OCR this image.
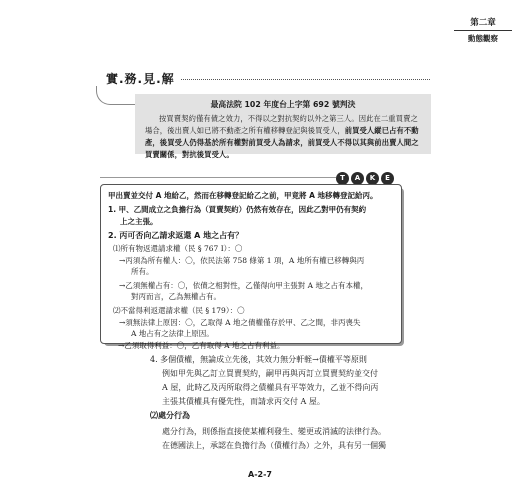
第二章
動態觀察
實.務.見.解
最高法院 102 年度台上字第 692 號判決
按買賣契約僅有債之效力，不得以之對抗契約以外之第三人。因此在二重買賣之場合，後出賣人如已將不動產之所有權移轉登記與後買受人，前買受人縱已占有不動產，後買受人仍得基於所有權對前買受人為請求，前買受人不得以其與前出賣人間之買賣關係，對抗後買受人。
T	A	K	E
甲出賣並交付 A 地給乙，然而在移轉登記給乙之前，甲竟將 A 地移轉登記給丙。
1. 甲、乙間成立之負擔行為（買賣契約）仍然有效存在，因此乙對甲仍有契約
上之主張。
2. 丙可否向乙請求返還 A 地之占有？
⑴所有物返還請求權（民 § 767 Ⅰ）：〇
→丙須為所有權人：〇，依民法第 758 條第 1 項，A 地所有權已移轉與丙
所有。
→乙須無權占有：〇，依債之相對性，乙僅得向甲主張對 A 地之占有本權，
對丙而言，乙為無權占有。
⑵不當得利返還請求權（民 § 179）：〇
→須無法律上原因：〇，乙取得 A 地之債權僅存於甲、乙之間，非丙喪失
A 地占有之法律上原因。
→乙須取得利益：〇，乙有取得 A 地之占有利益。
4. 多個債權，無論成立先後，其效力無分軒輊→債權平等原則
例如甲先與乙訂立買賣契約，嗣甲再與丙訂立買賣契約並交付
A 屋，此時乙及丙所取得之債權具有平等效力，乙並不得向丙
主張其債權具有優先性，而請求丙交付 A 屋。
⑵處分行為
處分行為，則係指直接使某權利發生、變更或消滅的法律行為。
在德國法上，承認在負擔行為（債權行為）之外，具有另一個獨
A-2-7
